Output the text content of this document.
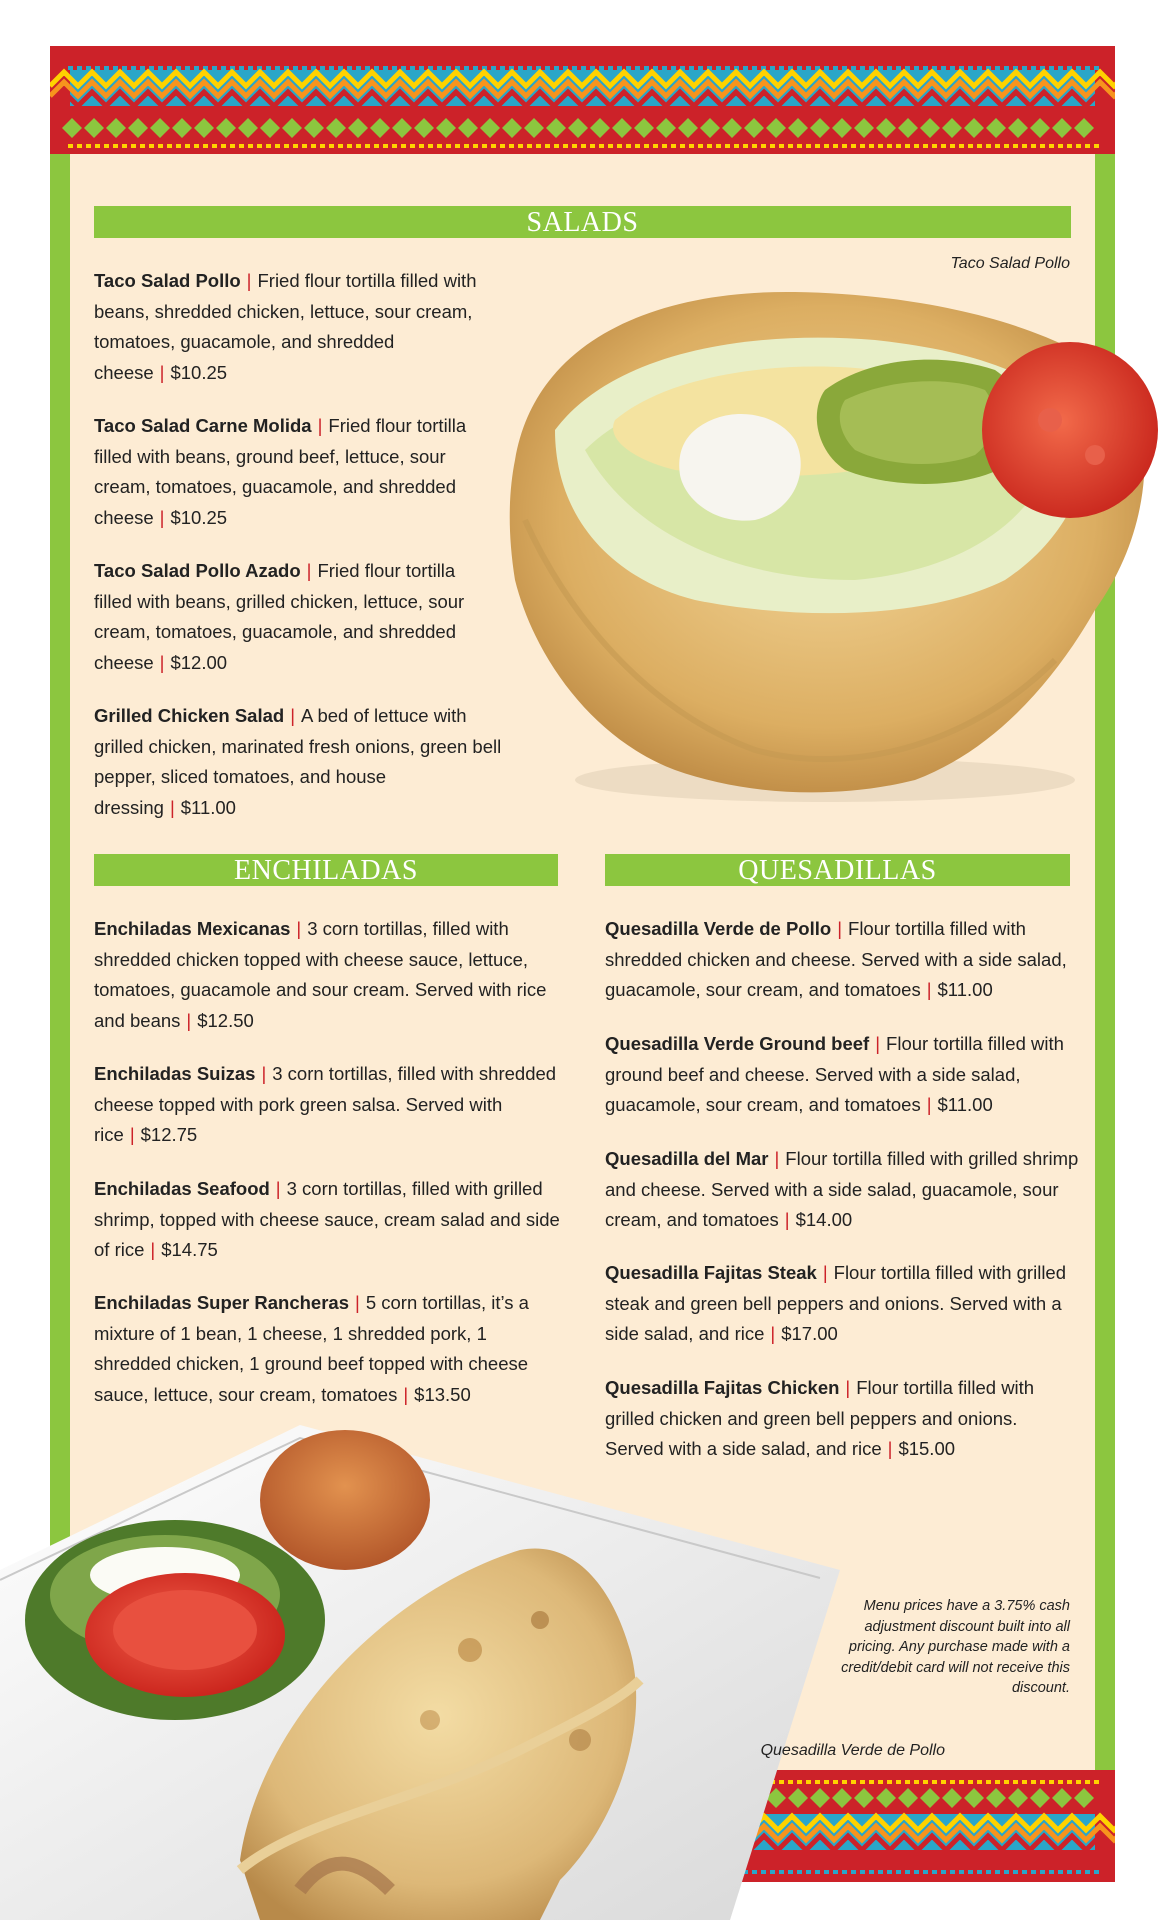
SALADS
Taco Salad Pollo
Taco Salad Pollo | Fried flour tortilla filled with beans, shredded chicken, lettuce, sour cream, tomatoes, guacamole, and shredded cheese | $10.25
Taco Salad Carne Molida | Fried flour tortilla filled with beans, ground beef, lettuce, sour cream, tomatoes, guacamole, and shredded cheese | $10.25
Taco Salad Pollo Azado | Fried flour tortilla filled with beans, grilled chicken, lettuce, sour cream, tomatoes, guacamole, and shredded cheese | $12.00
Grilled Chicken Salad | A bed of lettuce with grilled chicken, marinated fresh onions, green bell pepper, sliced tomatoes, and house dressing | $11.00
ENCHILADAS
Enchiladas Mexicanas | 3 corn tortillas, filled with shredded chicken topped with cheese sauce, lettuce, tomatoes, guacamole and sour cream. Served with rice and beans | $12.50
Enchiladas Suizas | 3 corn tortillas, filled with shredded cheese topped with pork green salsa. Served with rice | $12.75
Enchiladas Seafood | 3 corn tortillas, filled with grilled shrimp, topped with cheese sauce, cream salad and side of rice | $14.75
Enchiladas Super Rancheras | 5 corn tortillas, it’s a mixture of 1 bean, 1 cheese, 1 shredded pork, 1 shredded chicken, 1 ground beef topped with cheese sauce, lettuce, sour cream, tomatoes | $13.50
QUESADILLAS
Quesadilla Verde de Pollo | Flour tortilla filled with shredded chicken and cheese. Served with a side salad, guacamole, sour cream, and tomatoes | $11.00
Quesadilla Verde Ground beef | Flour tortilla filled with ground beef and cheese. Served with a side salad, guacamole, sour cream, and tomatoes | $11.00
Quesadilla del Mar | Flour tortilla filled with grilled shrimp and cheese. Served with a side salad, guacamole, sour cream, and tomatoes | $14.00
Quesadilla Fajitas Steak | Flour tortilla filled with grilled steak and green bell peppers and onions. Served with a side salad, and rice | $17.00
Quesadilla Fajitas Chicken | Flour tortilla filled with grilled chicken and green bell peppers and onions. Served with a side salad, and rice | $15.00
Menu prices have a 3.75% cash adjustment discount built into all pricing. Any purchase made with a credit/debit card will not receive this discount.
Quesadilla Verde de Pollo
